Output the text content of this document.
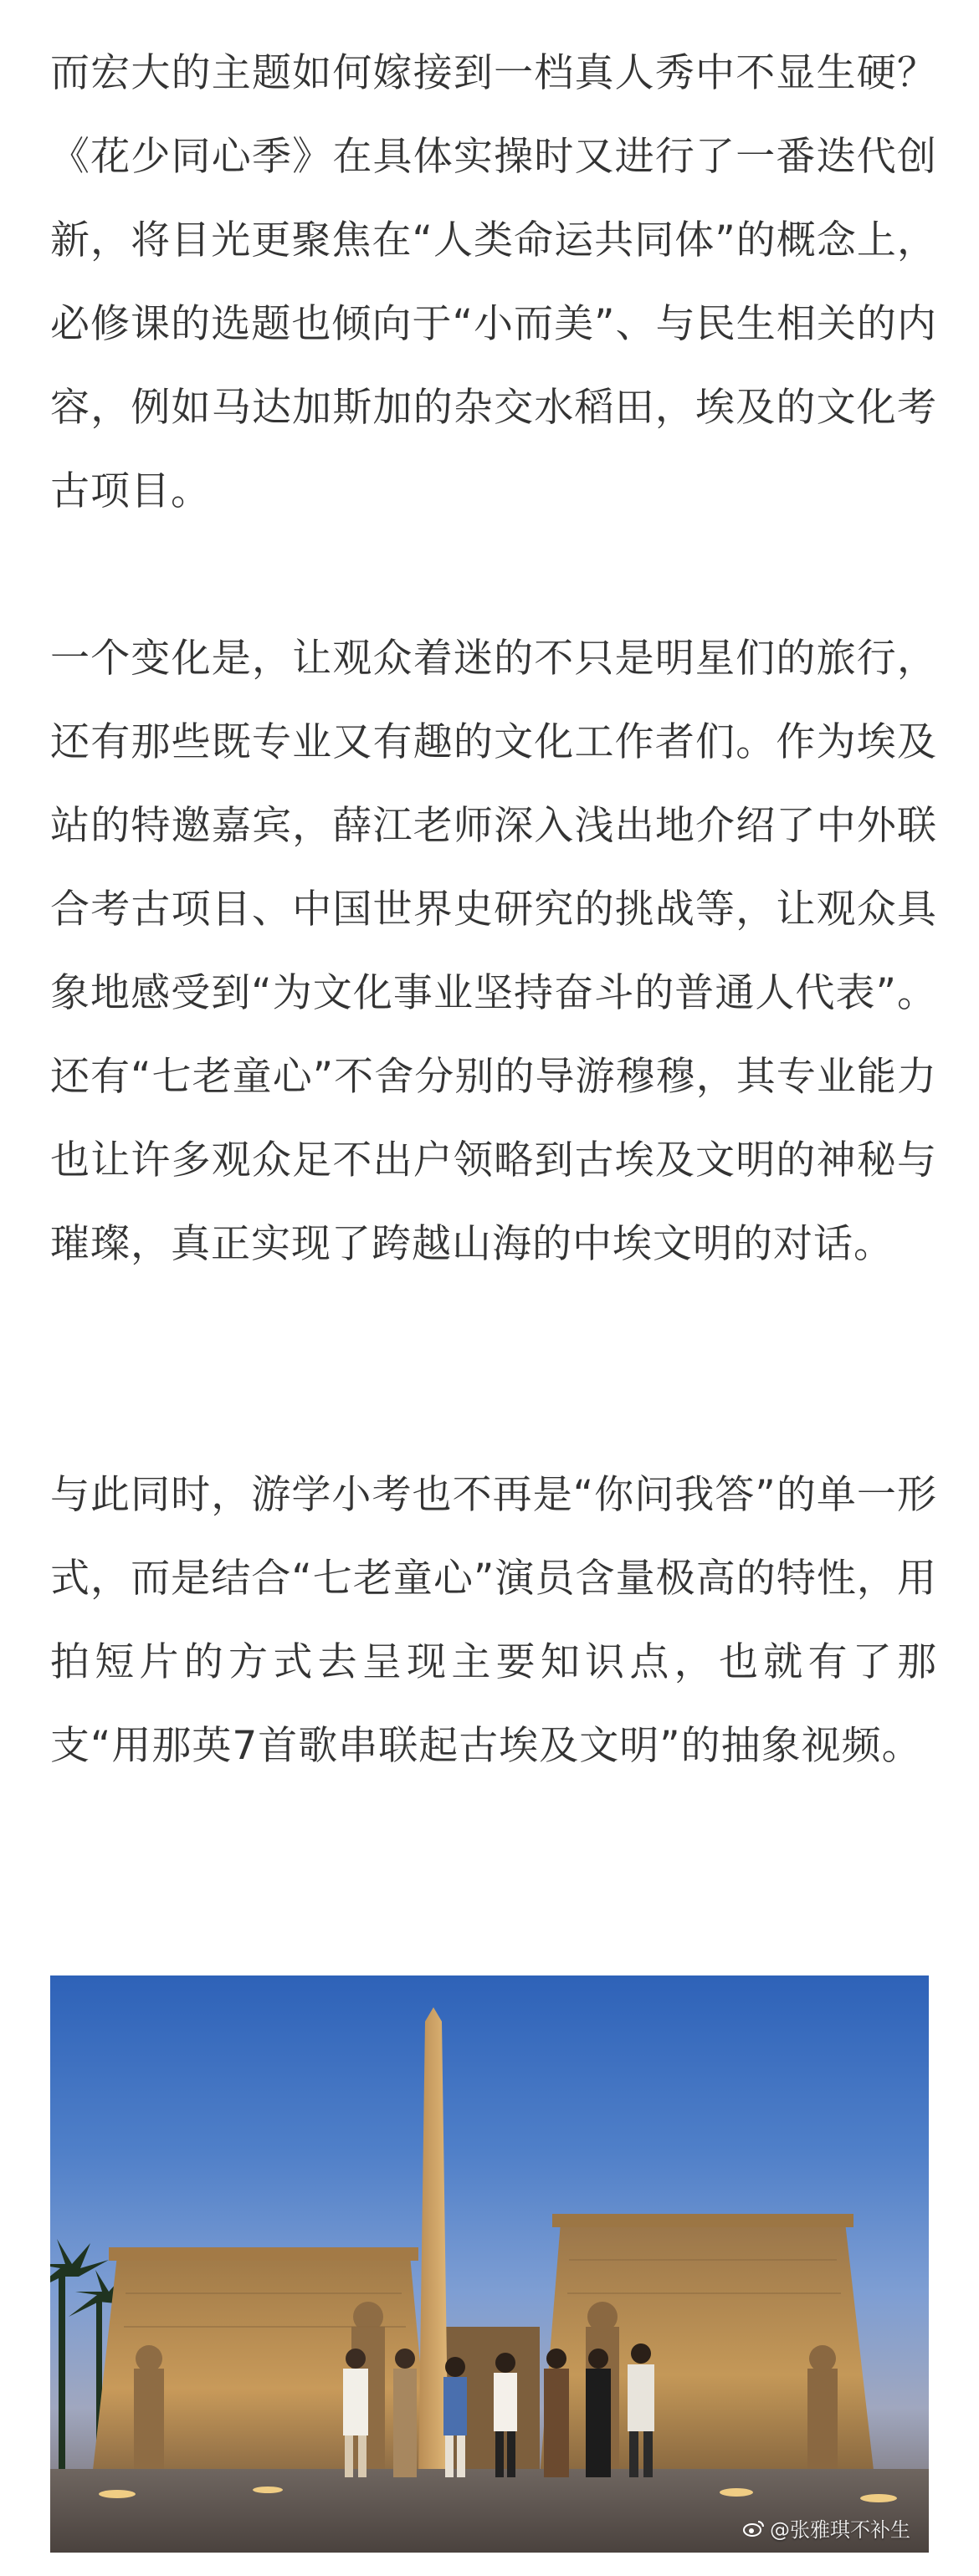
而宏大的主题如何嫁接到一档真人秀中不显生硬？《花少同心季》在具体实操时又进行了一番迭代创新，将目光更聚焦在“人类命运共同体”的概念上，必修课的选题也倾向于“小而美”、与民生相关的内容，例如马达加斯加的杂交水稻田，埃及的文化考古项目。

一个变化是，让观众着迷的不只是明星们的旅行，还有那些既专业又有趣的文化工作者们。作为埃及站的特邀嘉宾，薛江老师深入浅出地介绍了中外联合考古项目、中国世界史研究的挑战等，让观众具象地感受到“为文化事业坚持奋斗的普通人代表”。还有“七老童心”不舍分别的导游穆穆，其专业能力也让许多观众足不出户领略到古埃及文明的神秘与璀璨，真正实现了跨越山海的中埃文明的对话。

与此同时，游学小考也不再是“你问我答”的单一形式，而是结合“七老童心”演员含量极高的特性，用拍短片的方式去呈现主要知识点，也就有了那支“用那英7首歌串联起古埃及文明”的抽象视频。

@张雅琪不补生
